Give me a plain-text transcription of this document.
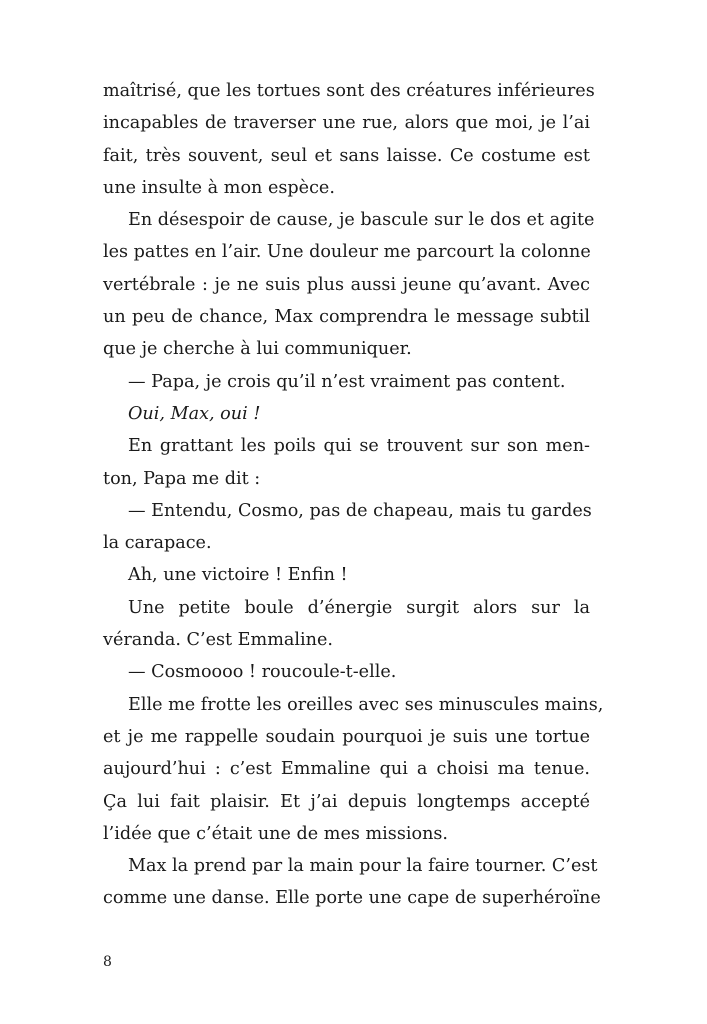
maîtrisé, que les tortues sont des créatures inférieures
incapables de traverser une rue, alors que moi, je l’ai
fait, très souvent, seul et sans laisse. Ce costume est
une insulte à mon espèce.
En désespoir de cause, je bascule sur le dos et agite
les pattes en l’air. Une douleur me parcourt la colonne
vertébrale : je ne suis plus aussi jeune qu’avant. Avec
un peu de chance, Max comprendra le message subtil
que je cherche à lui communiquer.
— Papa, je crois qu’il n’est vraiment pas content.
Oui, Max, oui !
En grattant les poils qui se trouvent sur son men-
ton, Papa me dit :
— Entendu, Cosmo, pas de chapeau, mais tu gardes
la carapace.
Ah, une victoire ! Enfin !
Une petite boule d’énergie surgit alors sur la
véranda. C’est Emmaline.
— Cosmoooo ! roucoule-t-elle.
Elle me frotte les oreilles avec ses minuscules mains,
et je me rappelle soudain pourquoi je suis une tortue
aujourd’hui : c’est Emmaline qui a choisi ma tenue.
Ça lui fait plaisir. Et j’ai depuis longtemps accepté
l’idée que c’était une de mes missions.
Max la prend par la main pour la faire tourner. C’est
comme une danse. Elle porte une cape de superhéroïne
8
